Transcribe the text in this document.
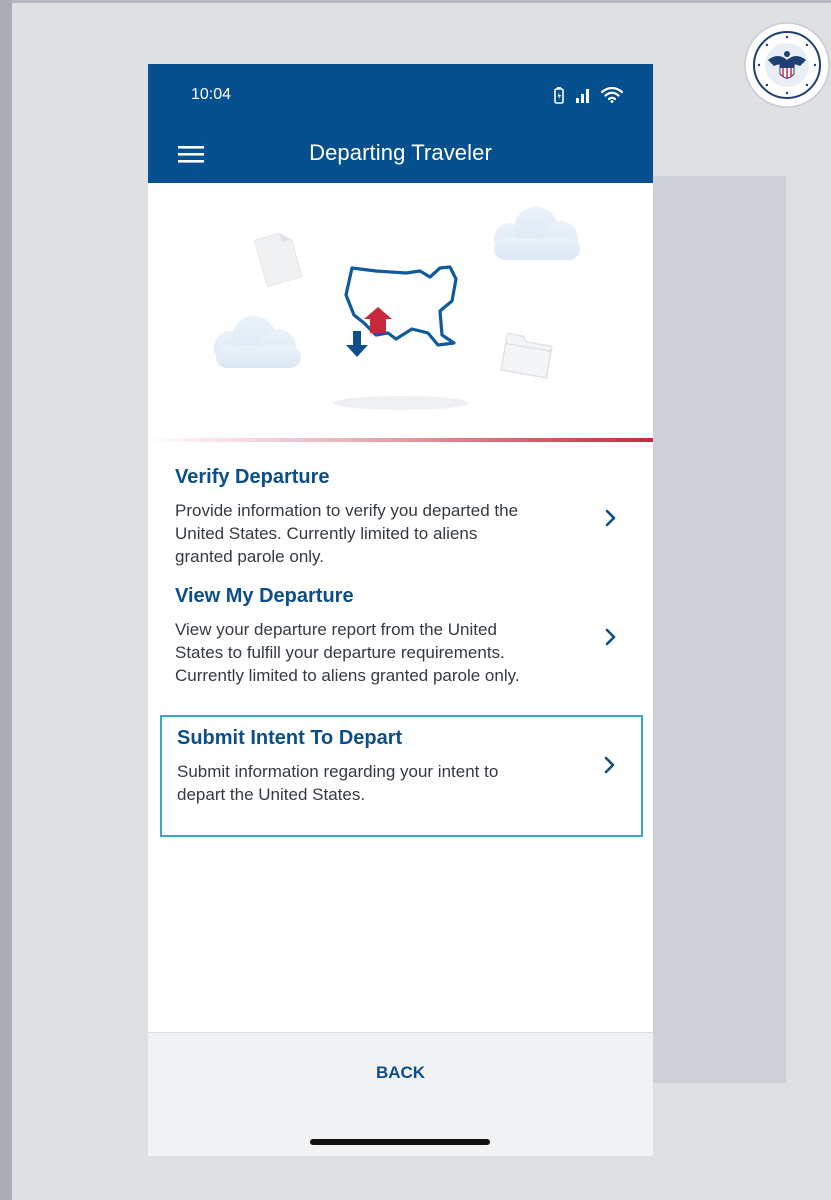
10:04
Departing Traveler
Verify Departure
Provide information to verify you departed the
United States. Currently limited to aliens
granted parole only.
View My Departure
View your departure report from the United
States to fulfill your departure requirements.
Currently limited to aliens granted parole only.
Submit Intent To Depart
Submit information regarding your intent to
depart the United States.
BACK
